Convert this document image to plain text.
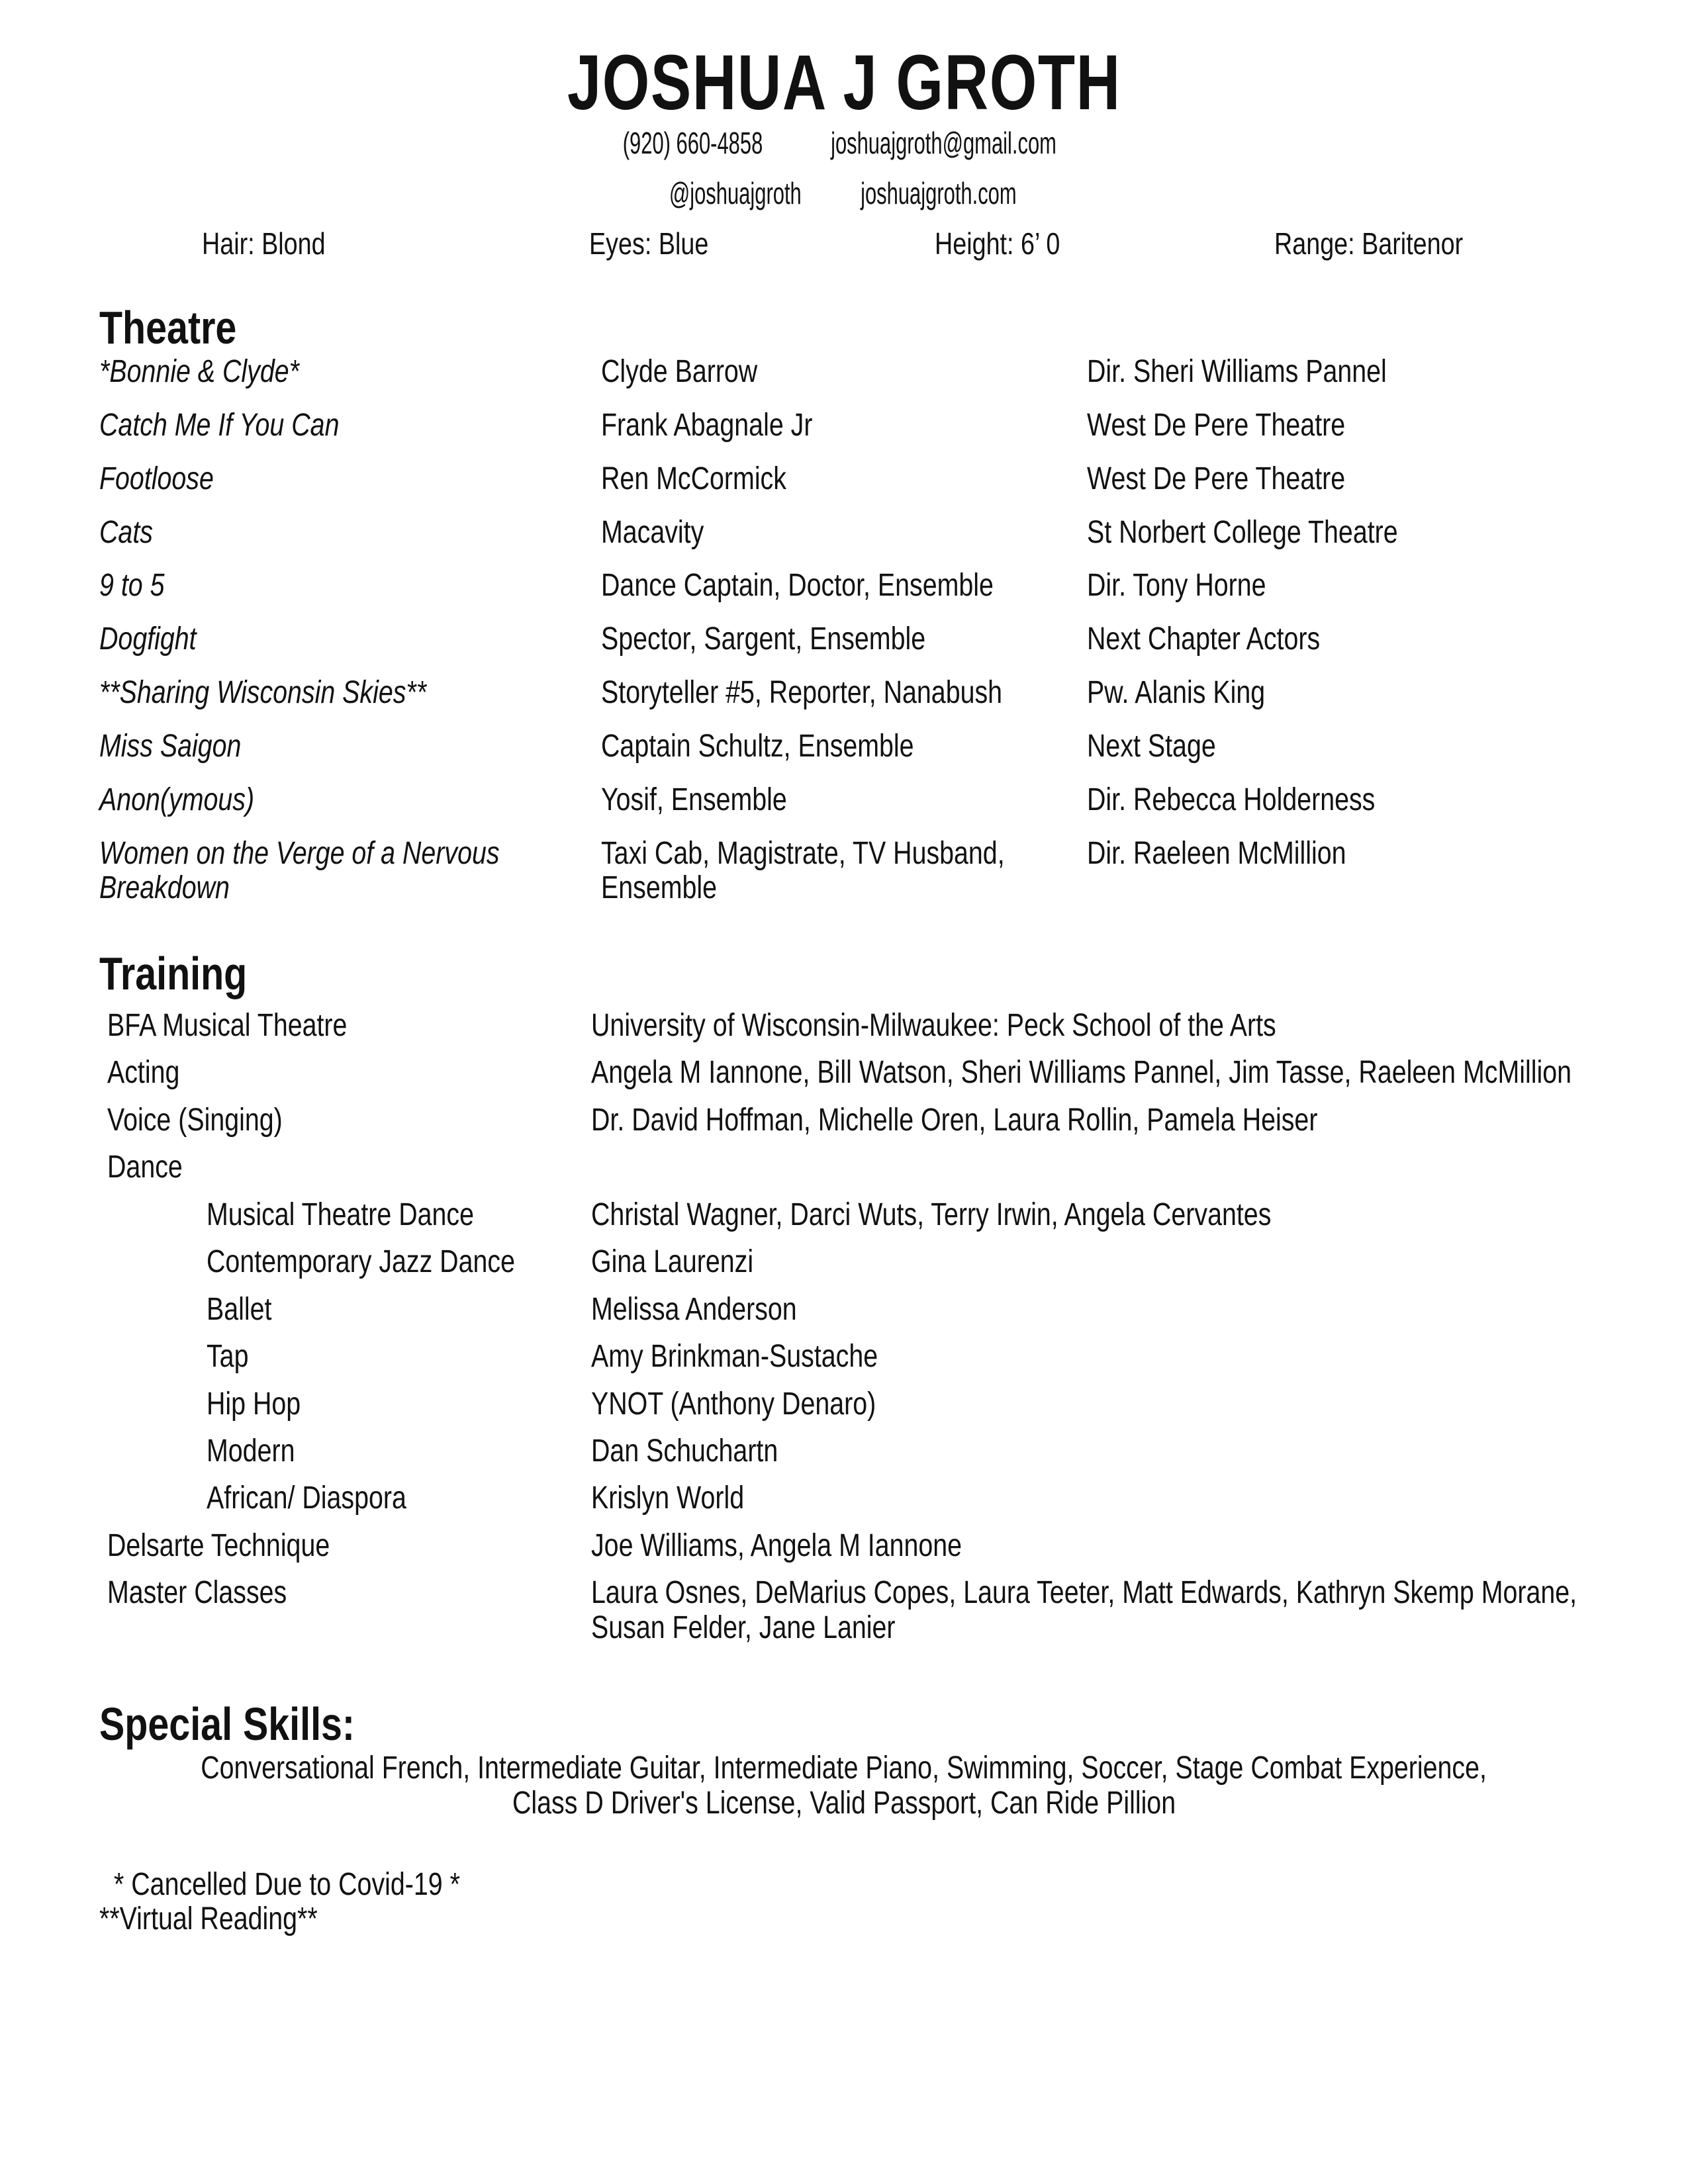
JOSHUA J GROTH
(920) 660-4858 joshuajgroth@gmail.com
@joshuajgroth joshuajgroth.com
Hair: Blond	Eyes: Blue	Height: 6’ 0	Range: Baritenor
Theatre
*Bonnie & Clyde*	Clyde Barrow	Dir. Sheri Williams Pannel
Catch Me If You Can	Frank Abagnale Jr	West De Pere Theatre
Footloose	Ren McCormick	West De Pere Theatre
Cats	Macavity	St Norbert College Theatre
9 to 5	Dance Captain, Doctor, Ensemble	Dir. Tony Horne
Dogfight	Spector, Sargent, Ensemble	Next Chapter Actors
**Sharing Wisconsin Skies**	Storyteller #5, Reporter, Nanabush	Pw. Alanis King
Miss Saigon	Captain Schultz, Ensemble	Next Stage
Anon(ymous)	Yosif, Ensemble	Dir. Rebecca Holderness
Women on the Verge of a Nervous	Taxi Cab, Magistrate, TV Husband,	Dir. Raeleen McMillion
Breakdown	Ensemble
Training
BFA Musical Theatre	University of Wisconsin-Milwaukee: Peck School of the Arts
Acting	Angela M Iannone, Bill Watson, Sheri Williams Pannel, Jim Tasse, Raeleen McMillion
Voice (Singing)	Dr. David Hoffman, Michelle Oren, Laura Rollin, Pamela Heiser
Dance
Musical Theatre Dance	Christal Wagner, Darci Wuts, Terry Irwin, Angela Cervantes
Contemporary Jazz Dance	Gina Laurenzi
Ballet	Melissa Anderson
Tap	Amy Brinkman-Sustache
Hip Hop	YNOT (Anthony Denaro)
Modern	Dan Schuchartn
African/ Diaspora	Krislyn World
Delsarte Technique	Joe Williams, Angela M Iannone
Master Classes	Laura Osnes, DeMarius Copes, Laura Teeter, Matt Edwards, Kathryn Skemp Morane,
Susan Felder, Jane Lanier
Special Skills:
Conversational French, Intermediate Guitar, Intermediate Piano, Swimming, Soccer, Stage Combat Experience,
Class D Driver's License, Valid Passport, Can Ride Pillion
* Cancelled Due to Covid-19 *
**Virtual Reading**
